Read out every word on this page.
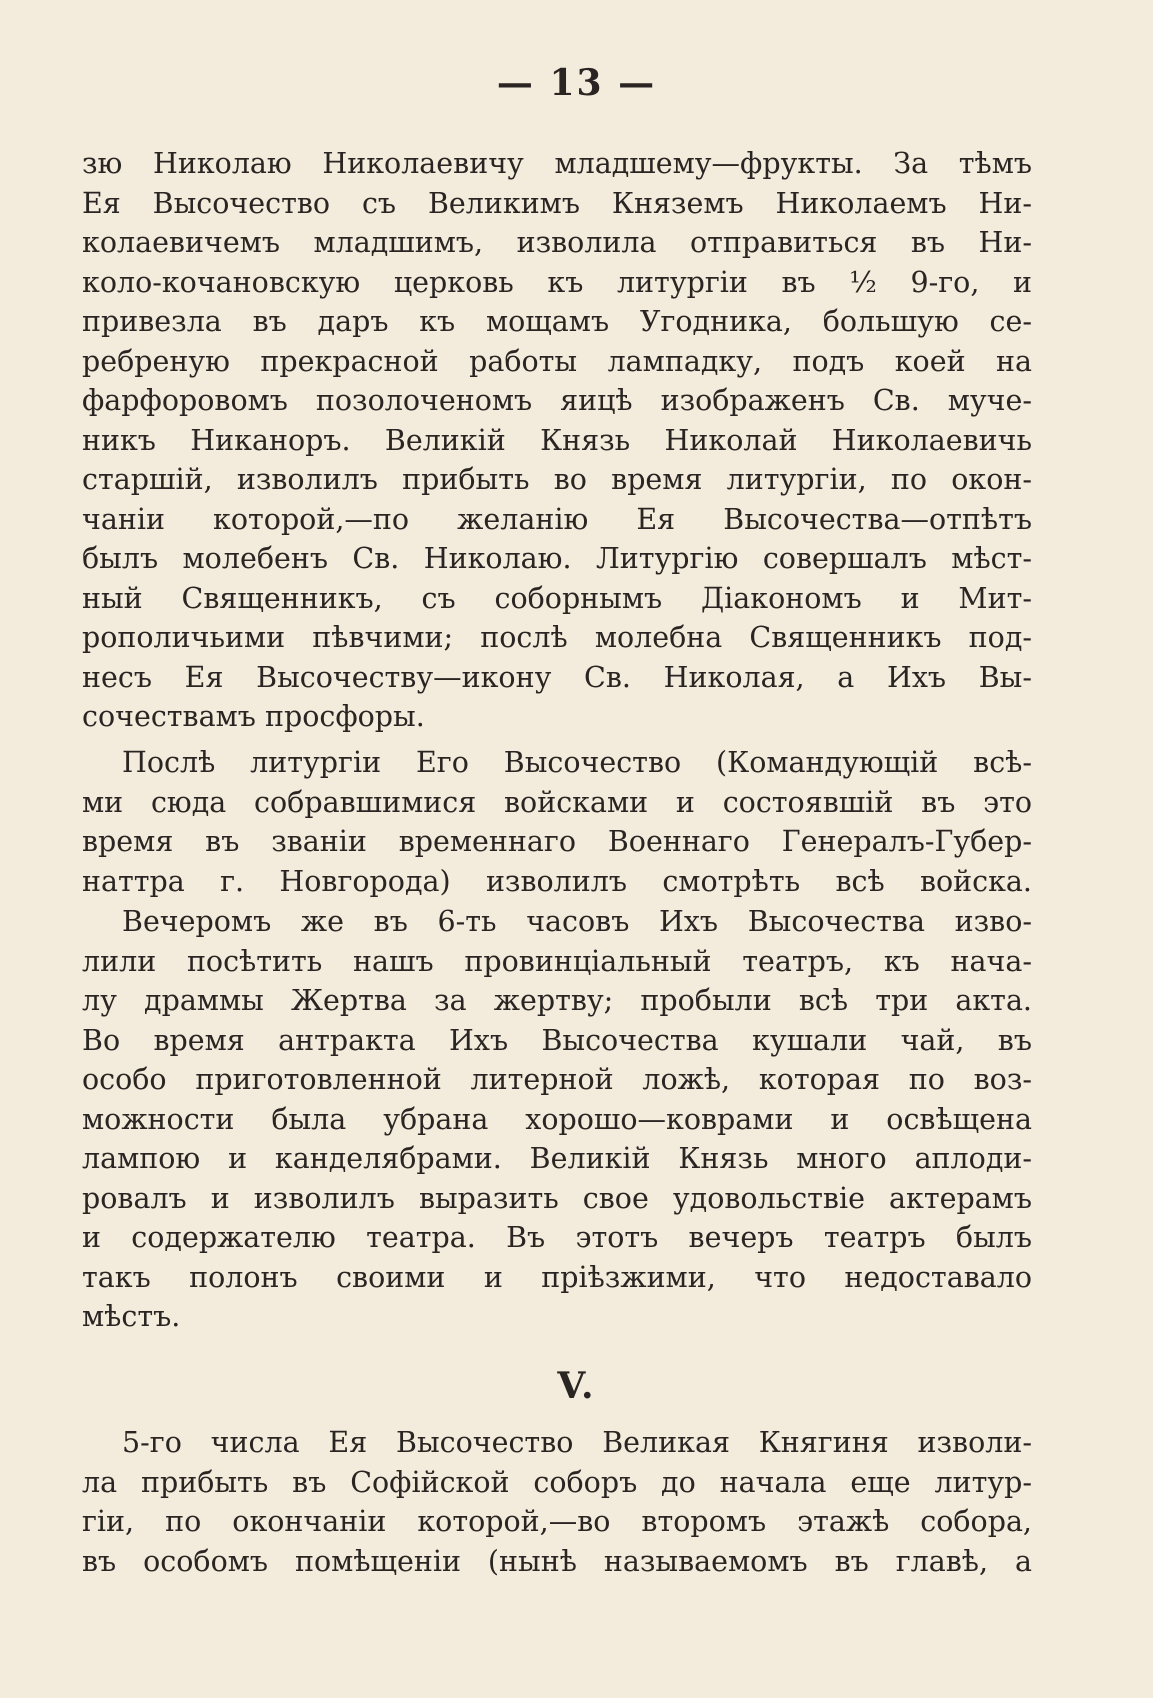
— 13 —
зю Николаю Николаевичу младшему—фрукты. За тѣмъ
Ея Высочество съ Великимъ Княземъ Николаемъ Ни-
колаевичемъ младшимъ, изволила отправиться въ Ни-
коло-кочановскую церковь къ литургіи въ ½ 9-го, и
привезла въ даръ къ мощамъ Угодника, большую се-
ребреную прекрасной работы лампадку, подъ коей на
фарфоровомъ позолоченомъ яицѣ изображенъ Св. муче-
никъ Никаноръ. Великій Князь Николай Николаевичь
старшій, изволилъ прибыть во время литургіи, по окон-
чаніи которой,—по желанію Ея Высочества—отпѣтъ
былъ молебенъ Св. Николаю. Литургію совершалъ мѣст-
ный Священникъ, съ соборнымъ Діакономъ и Мит-
рополичьими пѣвчими; послѣ молебна Священникъ под-
несъ Ея Высочеству—икону Св. Николая, а Ихъ Вы-
сочествамъ просфоры.
Послѣ литургіи Его Высочество (Командующій всѣ-
ми сюда собравшимися войсками и состоявшій въ это
время въ званіи временнаго Военнаго Генералъ-Губер-
наттра г. Новгорода) изволилъ смотрѣть всѣ войска.
Вечеромъ же въ 6-ть часовъ Ихъ Высочества изво-
лили посѣтить нашъ провинціальный театръ, къ нача-
лу драммы Жертва за жертву; пробыли всѣ три акта.
Во время антракта Ихъ Высочества кушали чай, въ
особо приготовленной литерной ложѣ, которая по воз-
можности была убрана хорошо—коврами и освѣщена
лампою и канделябрами. Великій Князь много аплоди-
ровалъ и изволилъ выразить свое удовольствіе актерамъ
и содержателю театра. Въ этотъ вечеръ театръ былъ
такъ полонъ своими и пріѣзжими, что недоставало
мѣстъ.
V.
5-го числа Ея Высочество Великая Княгиня изволи-
ла прибыть въ Софійской соборъ до начала еще литур-
гіи, по окончаніи которой,—во второмъ этажѣ собора,
въ особомъ помѣщеніи (нынѣ называемомъ въ главѣ, а
